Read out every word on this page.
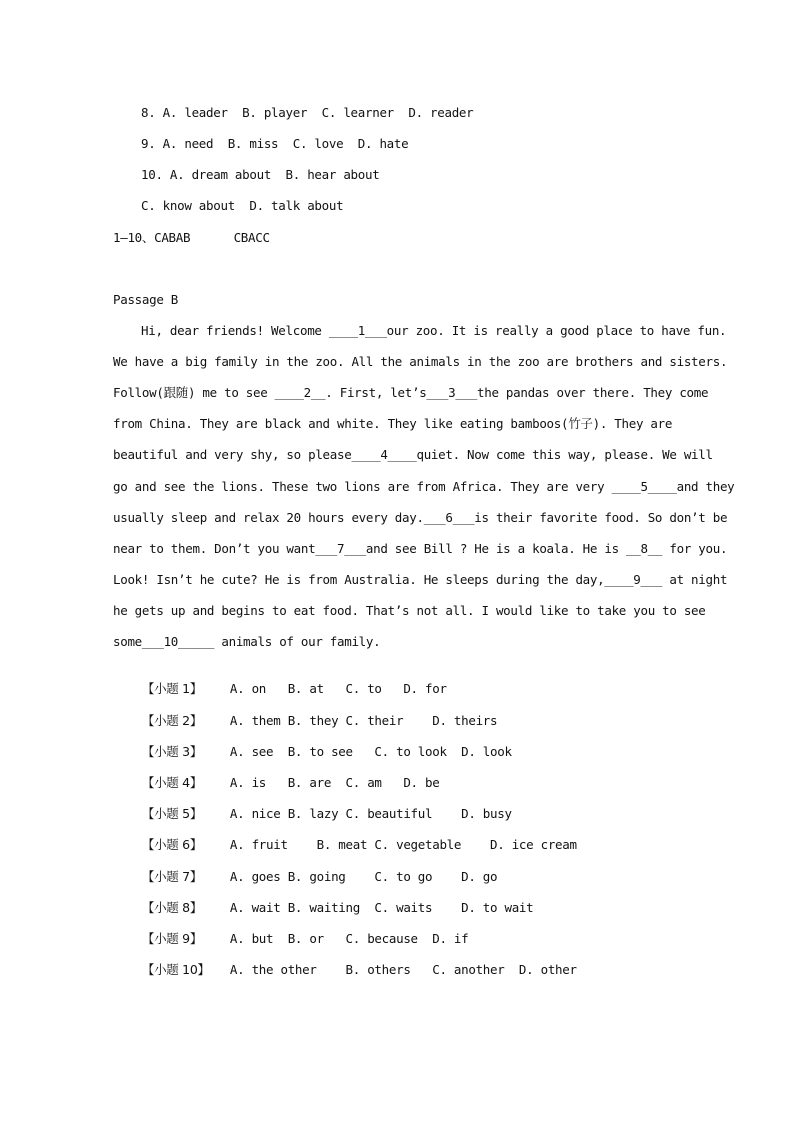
8. A. leader  B. player  C. learner  D. reader
9. A. need  B. miss  C. love  D. hate
10. A. dream about  B. hear about
C. know about  D. talk about
1—10、CABAB      CBACC
Passage B
Hi, dear friends! Welcome ____1___our zoo. It is really a good place to have fun.
We have a big family in the zoo. All the animals in the zoo are brothers and sisters.
Follow(跟随) me to see ____2__. First, let’s___3___the pandas over there. They come
from China. They are black and white. They like eating bamboos(竹子). They are
beautiful and very shy, so please____4____quiet. Now come this way, please. We will
go and see the lions. These two lions are from Africa. They are very ____5____and they
usually sleep and relax 20 hours every day.___6___is their favorite food. So don’t be
near to them. Don’t you want___7___and see Bill ? He is a koala. He is __8__ for you.
Look! Isn’t he cute? He is from Australia. He sleeps during the day,____9___ at night
he gets up and begins to eat food. That’s not all. I would like to take you to see
some___10_____ animals of our family.

【小题 1】 A. on   B. at   C. to   D. for

【小题 2】 A. them B. they C. their    D. theirs

【小题 3】 A. see  B. to see   C. to look  D. look

【小题 4】 A. is   B. are  C. am   D. be

【小题 5】 A. nice B. lazy C. beautiful    D. busy

【小题 6】 A. fruit    B. meat C. vegetable    D. ice cream

【小题 7】 A. goes B. going    C. to go    D. go

【小题 8】 A. wait B. waiting  C. waits    D. to wait

【小题 9】 A. but  B. or   C. because  D. if

【小题 10】 A. the other    B. others   C. another  D. other
